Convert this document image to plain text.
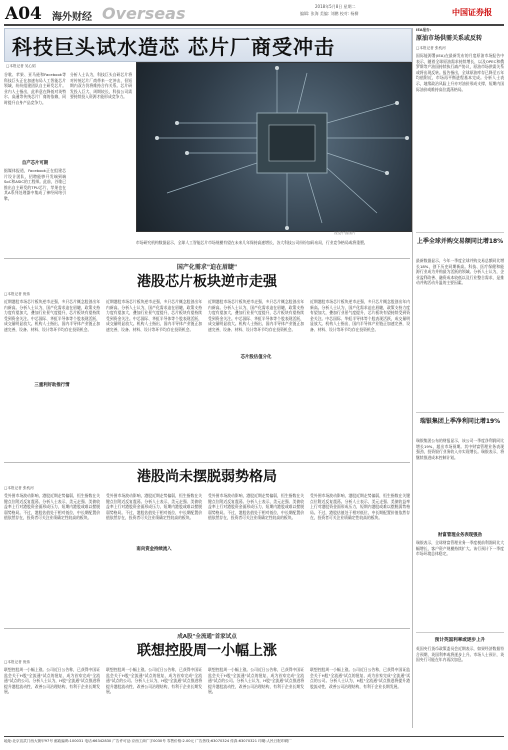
A04 海外财经 Overseas	2018年5月8日 星期二
编辑: 张海 美编: 刘鹏 校对: 杨柳	中国证券报
科技巨头试水造芯 芯片厂商受冲击
□本报记者 吴心韬
视觉中国图片
谷歌、苹果、亚马逊和Facebook等科技巨头正在加速布局人工智能芯片领域，纷纷组建团队自主研发芯片。业内人士指出，此举意在降低对英特尔、高通等传统芯片厂商的依赖，同时提升自身产品竞争力。
自产芯片可期
据媒体报道，Facebook正在组建芯片设计团队，招聘能够开发端到端SoC和ASIC的工程师。此前，谷歌已推出自主研发的TPU芯片，苹果也在其A系列处理器中集成了神经网络引擎。
分析人士认为，科技巨头自研芯片将对传统芯片厂商带来一定冲击，但短期内双方仍将维持合作关系。芯片研发投入巨大、周期较长，科技公司需要持续投入资源才能形成竞争力。
市场研究机构数据显示，全球人工智能芯片市场规模有望在未来几年保持高速增长，各大科技公司纷纷加码布局，行业竞争格局或将重塑。
IEA报告:
原油市场供需关系或反转
□本报记者 张枕河
国际能源署(IEA)在最新发布的月度原油市场报告中表示，随着全球原油需求持续增长，以及OPEC和俄罗斯等产油国持续执行减产协议，原油市场供需关系或将出现反转。报告指出，全球原油库存已降至五年均值附近，市场再平衡进程基本完成。分析人士表示，地缘政治风险上升亦对油价形成支撑，短期内国际油价或维持高位震荡格局。
上季全球并购交易额同比增18%
最新数据显示，今年一季度全球并购交易总额同比增长18%，创下历史同期新高。科技、医疗保健和能源行业成为并购最为活跃的领域。分析人士认为，企业盈利改善、融资成本较低以及行业整合需求，是推动并购活动升温的主要因素。
瑞银集团上季净利同比增19%
瑞银集团公布的财报显示，该公司一季度净利润同比增长19%，超出市场预期。其中财富管理业务表现强劲，投资银行业务收入亦实现增长。瑞银表示，将继续推进成本控制计划。
财富管理业务表现强劲
瑞银表示，全球财富管理业务一季度税前利润同比大幅增长，客户资产规模持续扩大。该行预计下一季度市场环境总体稳定。
预计英国利率或逐步上升
英国央行货币政策委员会近期表示，如果经济数据符合预期，英国利率或将逐步上升。市场人士预计，英国央行可能在年内再次加息。
国产化需求"迫在眉睫"
港股芯片板块逆市走强
□本报记者 倪伟
近期港股市场芯片板块逆市走强，多只芯片概念股创出年内新高。分析人士认为，国产化需求迫在眉睫，政策支持力度有望加大，叠加行业景气度提升，芯片板块有望持续受到资金关注。中芯国际、华虹半导体等个股表现活跃，成交量明显放大。机构人士指出，国内半导体产业链正加速完善，设备、材料、设计等环节均存在投资机会。
近期港股市场芯片板块逆市走强，多只芯片概念股创出年内新高。分析人士认为，国产化需求迫在眉睫，政策支持力度有望加大，叠加行业景气度提升，芯片板块有望持续受到资金关注。中芯国际、华虹半导体等个股表现活跃，成交量明显放大。机构人士指出，国内半导体产业链正加速完善，设备、材料、设计等环节均存在投资机会。
近期港股市场芯片板块逆市走强，多只芯片概念股创出年内新高。分析人士认为，国产化需求迫在眉睫，政策支持力度有望加大，叠加行业景气度提升，芯片板块有望持续受到资金关注。中芯国际、华虹半导体等个股表现活跃，成交量明显放大。机构人士指出，国内半导体产业链正加速完善，设备、材料、设计等环节均存在投资机会。
芯片股估值分化
近期港股市场芯片板块逆市走强，多只芯片概念股创出年内新高。分析人士认为，国产化需求迫在眉睫，政策支持力度有望加大，叠加行业景气度提升，芯片板块有望持续受到资金关注。中芯国际、华虹半导体等个股表现活跃，成交量明显放大。机构人士指出，国内半导体产业链正加速完善，设备、材料、设计等环节均存在投资机会。
三重利好助推行情
港股尚未摆脱弱势格局
□本报记者 张枕河
受外围市场波动影响，港股近期走势偏弱，恒生指数在关键点位附近反复震荡。分析人士表示，美元走强、美债收益率上行对港股资金面形成压力，短期内港股或难以摆脱弱势格局。不过，港股估值处于相对低位，中长期配置价值依然存在，投资者可关注业绩确定性较高的板块。
受外围市场波动影响，港股近期走势偏弱，恒生指数在关键点位附近反复震荡。分析人士表示，美元走强、美债收益率上行对港股资金面形成压力，短期内港股或难以摆脱弱势格局。不过，港股估值处于相对低位，中长期配置价值依然存在，投资者可关注业绩确定性较高的板块。
受外围市场波动影响，港股近期走势偏弱，恒生指数在关键点位附近反复震荡。分析人士表示，美元走强、美债收益率上行对港股资金面形成压力，短期内港股或难以摆脱弱势格局。不过，港股估值处于相对低位，中长期配置价值依然存在，投资者可关注业绩确定性较高的板块。
受外围市场波动影响，港股近期走势偏弱，恒生指数在关键点位附近反复震荡。分析人士表示，美元走强、美债收益率上行对港股资金面形成压力，短期内港股或难以摆脱弱势格局。不过，港股估值处于相对低位，中长期配置价值依然存在，投资者可关注业绩确定性较高的板块。
南向资金持续流入
成A股"全流通"首家试点
联想控股周一小幅上涨
□本报记者 倪伟
联想控股周一小幅上涨。公司近日公告称，已获得中国证监会关于H股"全流通"试点的批复，成为首家完成"全流通"试点的公司。分析人士认为，H股"全流通"试点推进将提升港股流动性，改善公司治理结构，有利于企业长期发展。
联想控股周一小幅上涨。公司近日公告称，已获得中国证监会关于H股"全流通"试点的批复，成为首家完成"全流通"试点的公司。分析人士认为，H股"全流通"试点推进将提升港股流动性，改善公司治理结构，有利于企业长期发展。
联想控股周一小幅上涨。公司近日公告称，已获得中国证监会关于H股"全流通"试点的批复，成为首家完成"全流通"试点的公司。分析人士认为，H股"全流通"试点推进将提升港股流动性，改善公司治理结构，有利于企业长期发展。
联想控股周一小幅上涨。公司近日公告称，已获得中国证监会关于H股"全流通"试点的批复，成为首家完成"全流通"试点的公司。分析人士认为，H股"全流通"试点推进将提升港股流动性，改善公司治理结构，有利于企业长期发展。
地址:北京宣武门西大街甲97号 邮政编码:100031 电话:66342830 广告许可证:京西工商广字0030号 零售价格:2.00元 广告热线:63070324 传真:63070321 印刷:人民日报印刷厂
